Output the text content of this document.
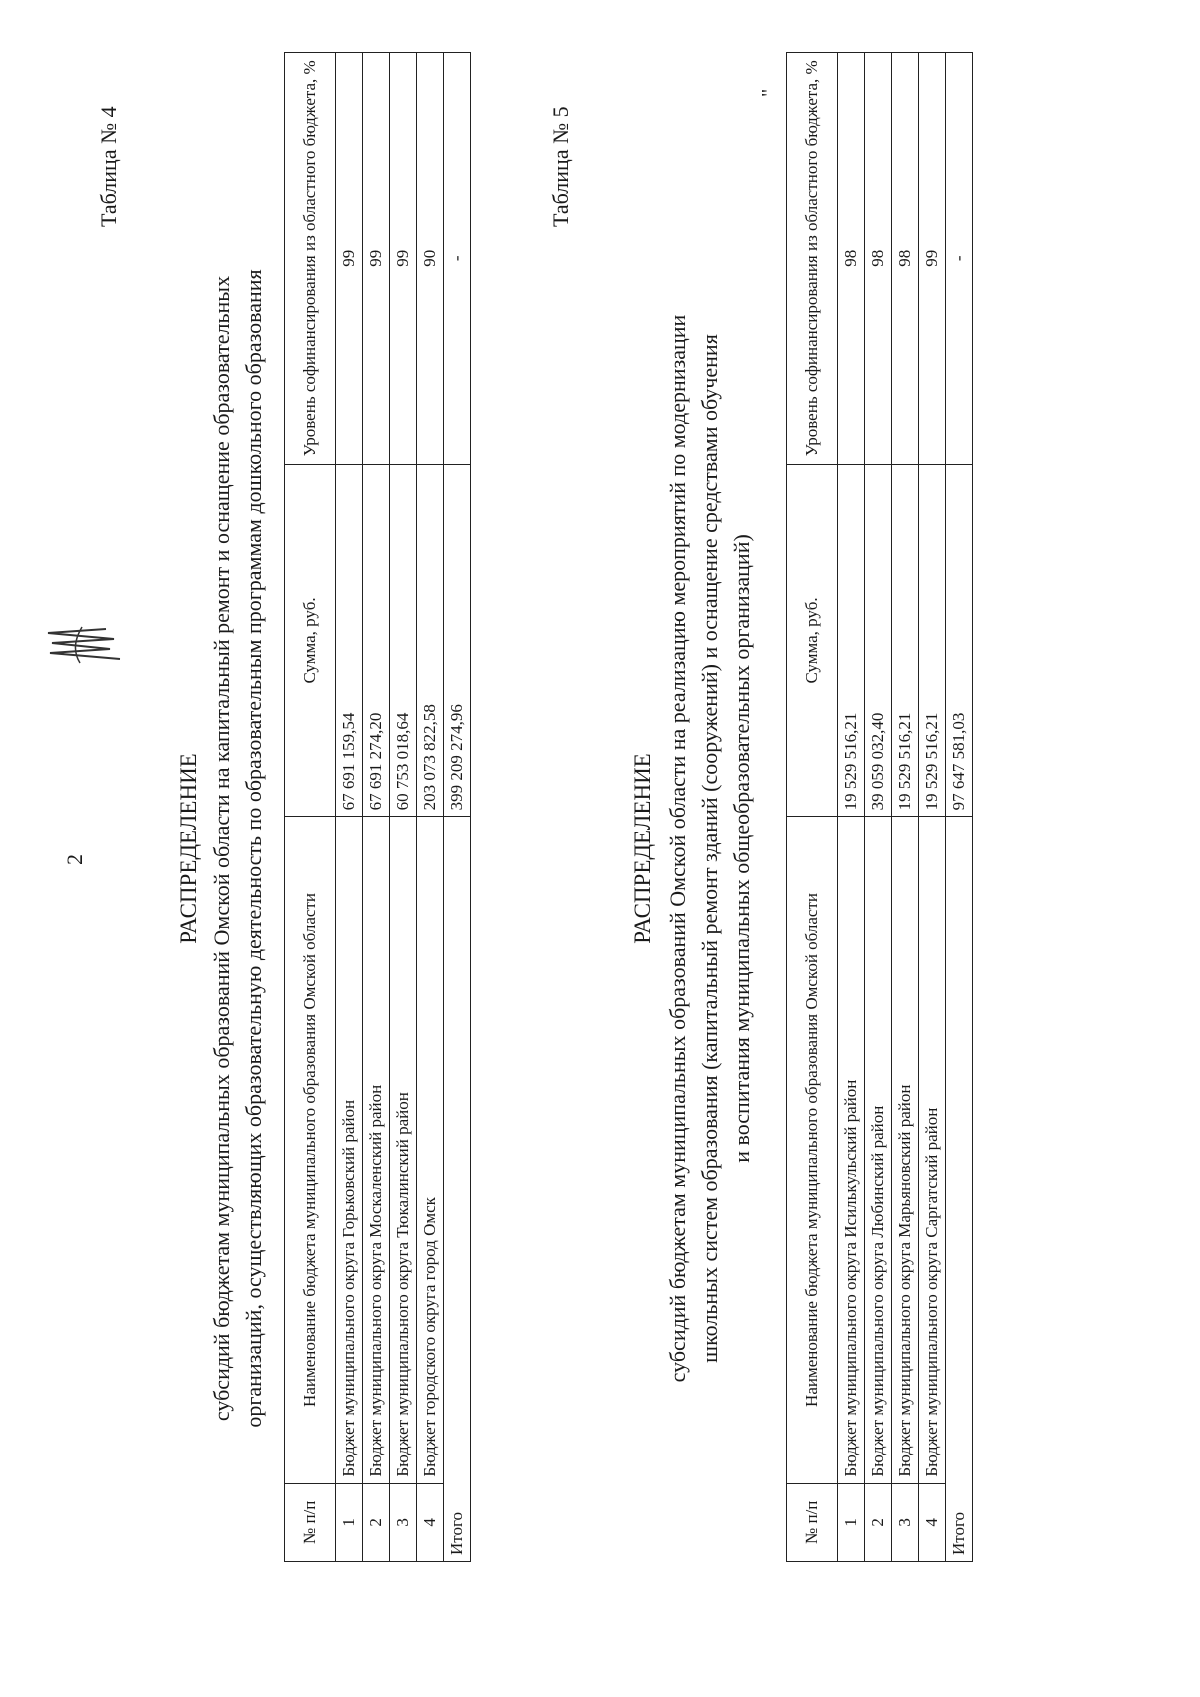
2
Таблица № 4
РАСПРЕДЕЛЕНИЕ субсидий бюджетам муниципальных образований Омской области на капитальный ремонт и оснащение образовательных организаций, осуществляющих образовательную деятельность по образовательным программам дошкольного образования
№ п/п	Наименование бюджета муниципального образования Омской области	Сумма, руб.	Уровень софинансирования из областного бюджета, %
1	Бюджет муниципального округа Горьковский район	67 691 159,54	99
2	Бюджет муниципального округа Москаленский район	67 691 274,20	99
3	Бюджет муниципального округа Тюкалинский район	60 753 018,64	99
4	Бюджет городского округа город Омск	203 073 822,58	90
Итого		399 209 274,96	-
Таблица № 5
РАСПРЕДЕЛЕНИЕ субсидий бюджетам муниципальных образований Омской области на реализацию мероприятий по модернизации школьных систем образования (капитальный ремонт зданий (сооружений) и оснащение средствами обучения и воспитания муниципальных общеобразовательных организаций)
№ п/п	Наименование бюджета муниципального образования Омской области	Сумма, руб.	Уровень софинансирования из областного бюджета, %
1	Бюджет муниципального округа Исилькульский район	19 529 516,21	98
2	Бюджет муниципального округа Любинский район	39 059 032,40	98
3	Бюджет муниципального округа Марьяновский район	19 529 516,21	98
4	Бюджет муниципального округа Саргатский район	19 529 516,21	99
Итого		97 647 581,03	-
"
